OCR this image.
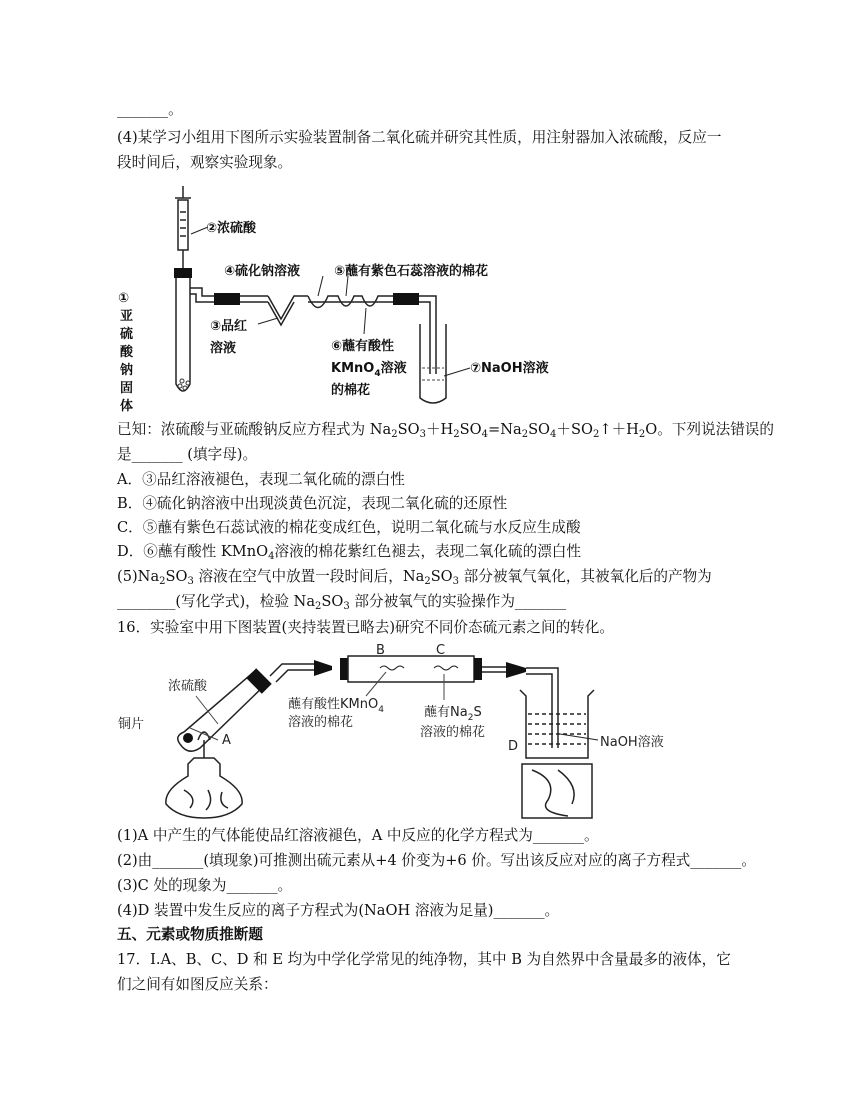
_______。
(4)某学习小组用下图所示实验装置制备二氧化硫并研究其性质，用注射器加入浓硫酸，反应一
段时间后，观察实验现象。
②浓硫酸
①
亚
硫
酸
钠
固
体
④硫化钠溶液	⑤蘸有紫色石蕊溶液的棉花
③品红
溶液	⑥蘸有酸性
KMnO$_4$溶液
的棉花
⑦NaOH溶液
已知：浓硫酸与亚硫酸钠反应方程式为 $Na_2SO_3+H_2SO_4=Na_2SO_4+SO_2↑+H_2O$。下列说法错误的
是_______ (填字母)。
A．③品红溶液褪色，表现二氧化硫的漂白性
B．④硫化钠溶液中出现淡黄色沉淀，表现二氧化硫的还原性
C．⑤蘸有紫色石蕊试液的棉花变成红色，说明二氧化硫与水反应生成酸
D．⑥蘸有酸性 KMnO$_4$溶液的棉花紫红色褪去，表现二氧化硫的漂白性
$(5)Na_2SO_3$ 溶液在空气中放置一段时间后，$Na_2SO_3$ 部分被氧气氧化，其被氧化后的产物为
________(写化学式)，检验 $Na_2SO_3$ 部分被氧气的实验操作为_______
16．实验室中用下图装置(夹持装置已略去)研究不同价态硫元素之间的转化。
浓硫酸
铜片
A
B	C
蘸有酸性KMnO$_4$
溶液的棉花
蘸有$Na_2S$
溶液的棉花
D	NaOH溶液
(1)A 中产生的气体能使品红溶液褪色，A 中反应的化学方程式为_______。
(2)由_______(填现象)可推测出硫元素从+4 价变为+6 价。写出该反应对应的离子方程式_______。
(3)C 处的现象为_______。
(4)D 装置中发生反应的离子方程式为(NaOH 溶液为足量)_______。
五、元素或物质推断题
17．I.A、B、C、D 和 E 均为中学化学常见的纯净物，其中 B 为自然界中含量最多的液体，它
们之间有如图反应关系：
